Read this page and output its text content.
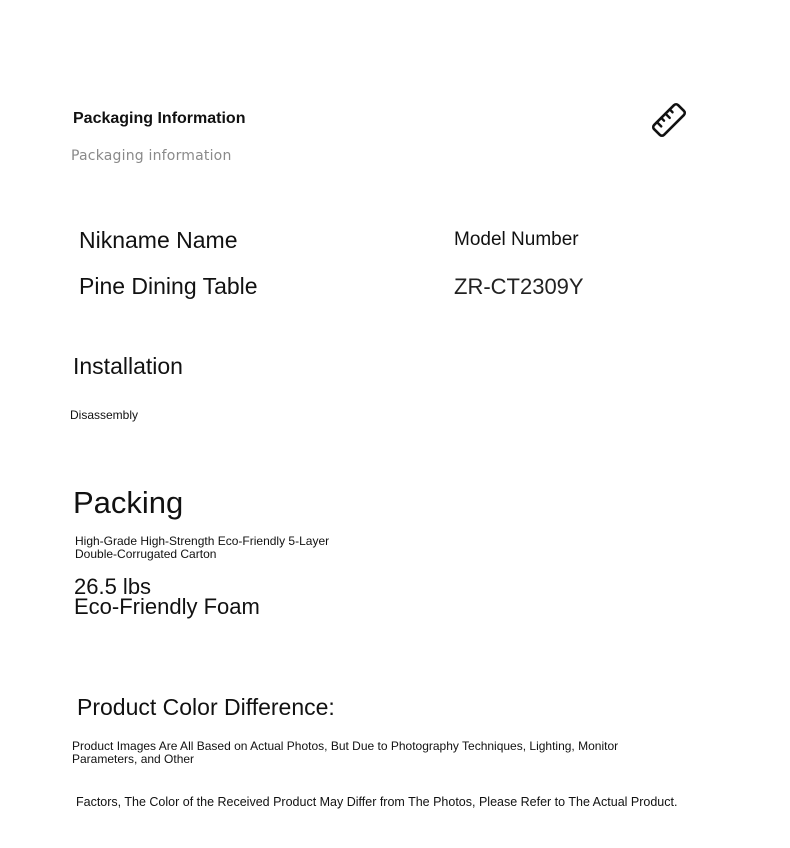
Packaging Information
Packaging information
Nikname Name
Pine Dining Table
Model Number
ZR-CT2309Y
Installation
Disassembly
Packing
High-Grade High-Strength Eco-Friendly 5-Layer
Double-Corrugated Carton
26.5 lbs
Eco-Friendly Foam
Product Color Difference:
Product Images Are All Based on Actual Photos, But Due to Photography Techniques, Lighting, Monitor
Parameters, and Other
Factors, The Color of the Received Product May Differ from The Photos, Please Refer to The Actual Product.
